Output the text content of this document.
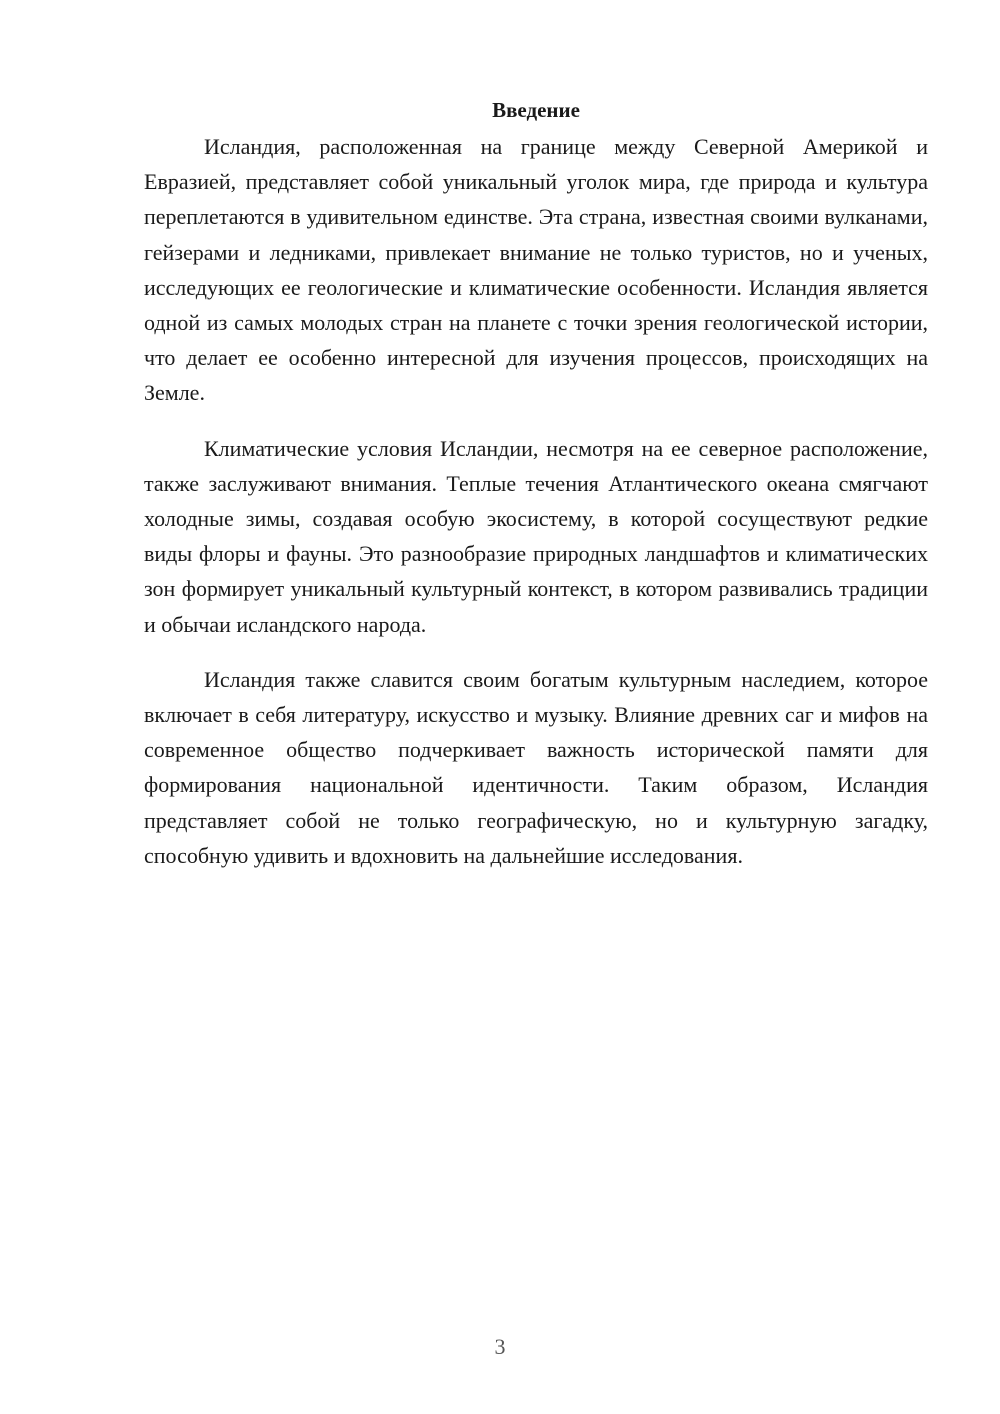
Введение

Исландия, расположенная на границе между Северной Америкой и Евразией, представляет собой уникальный уголок мира, где природа и культура переплетаются в удивительном единстве. Эта страна, известная своими вулканами, гейзерами и ледниками, привлекает внимание не только туристов, но и ученых, исследующих ее геологические и климатические особенности. Исландия является одной из самых молодых стран на планете с точки зрения геологической истории, что делает ее особенно интересной для изучения процессов, происходящих на Земле.

Климатические условия Исландии, несмотря на ее северное расположение, также заслуживают внимания. Теплые течения Атлантического океана смягчают холодные зимы, создавая особую экосистему, в которой сосуществуют редкие виды флоры и фауны. Это разнообразие природных ландшафтов и климатических зон формирует уникальный культурный контекст, в котором развивались традиции и обычаи исландского народа.

Исландия также славится своим богатым культурным наследием, которое включает в себя литературу, искусство и музыку. Влияние древних саг и мифов на современное общество подчеркивает важность исторической памяти для формирования национальной идентичности. Таким образом, Исландия представляет собой не только географическую, но и культурную загадку, способную удивить и вдохновить на дальнейшие исследования.

3
